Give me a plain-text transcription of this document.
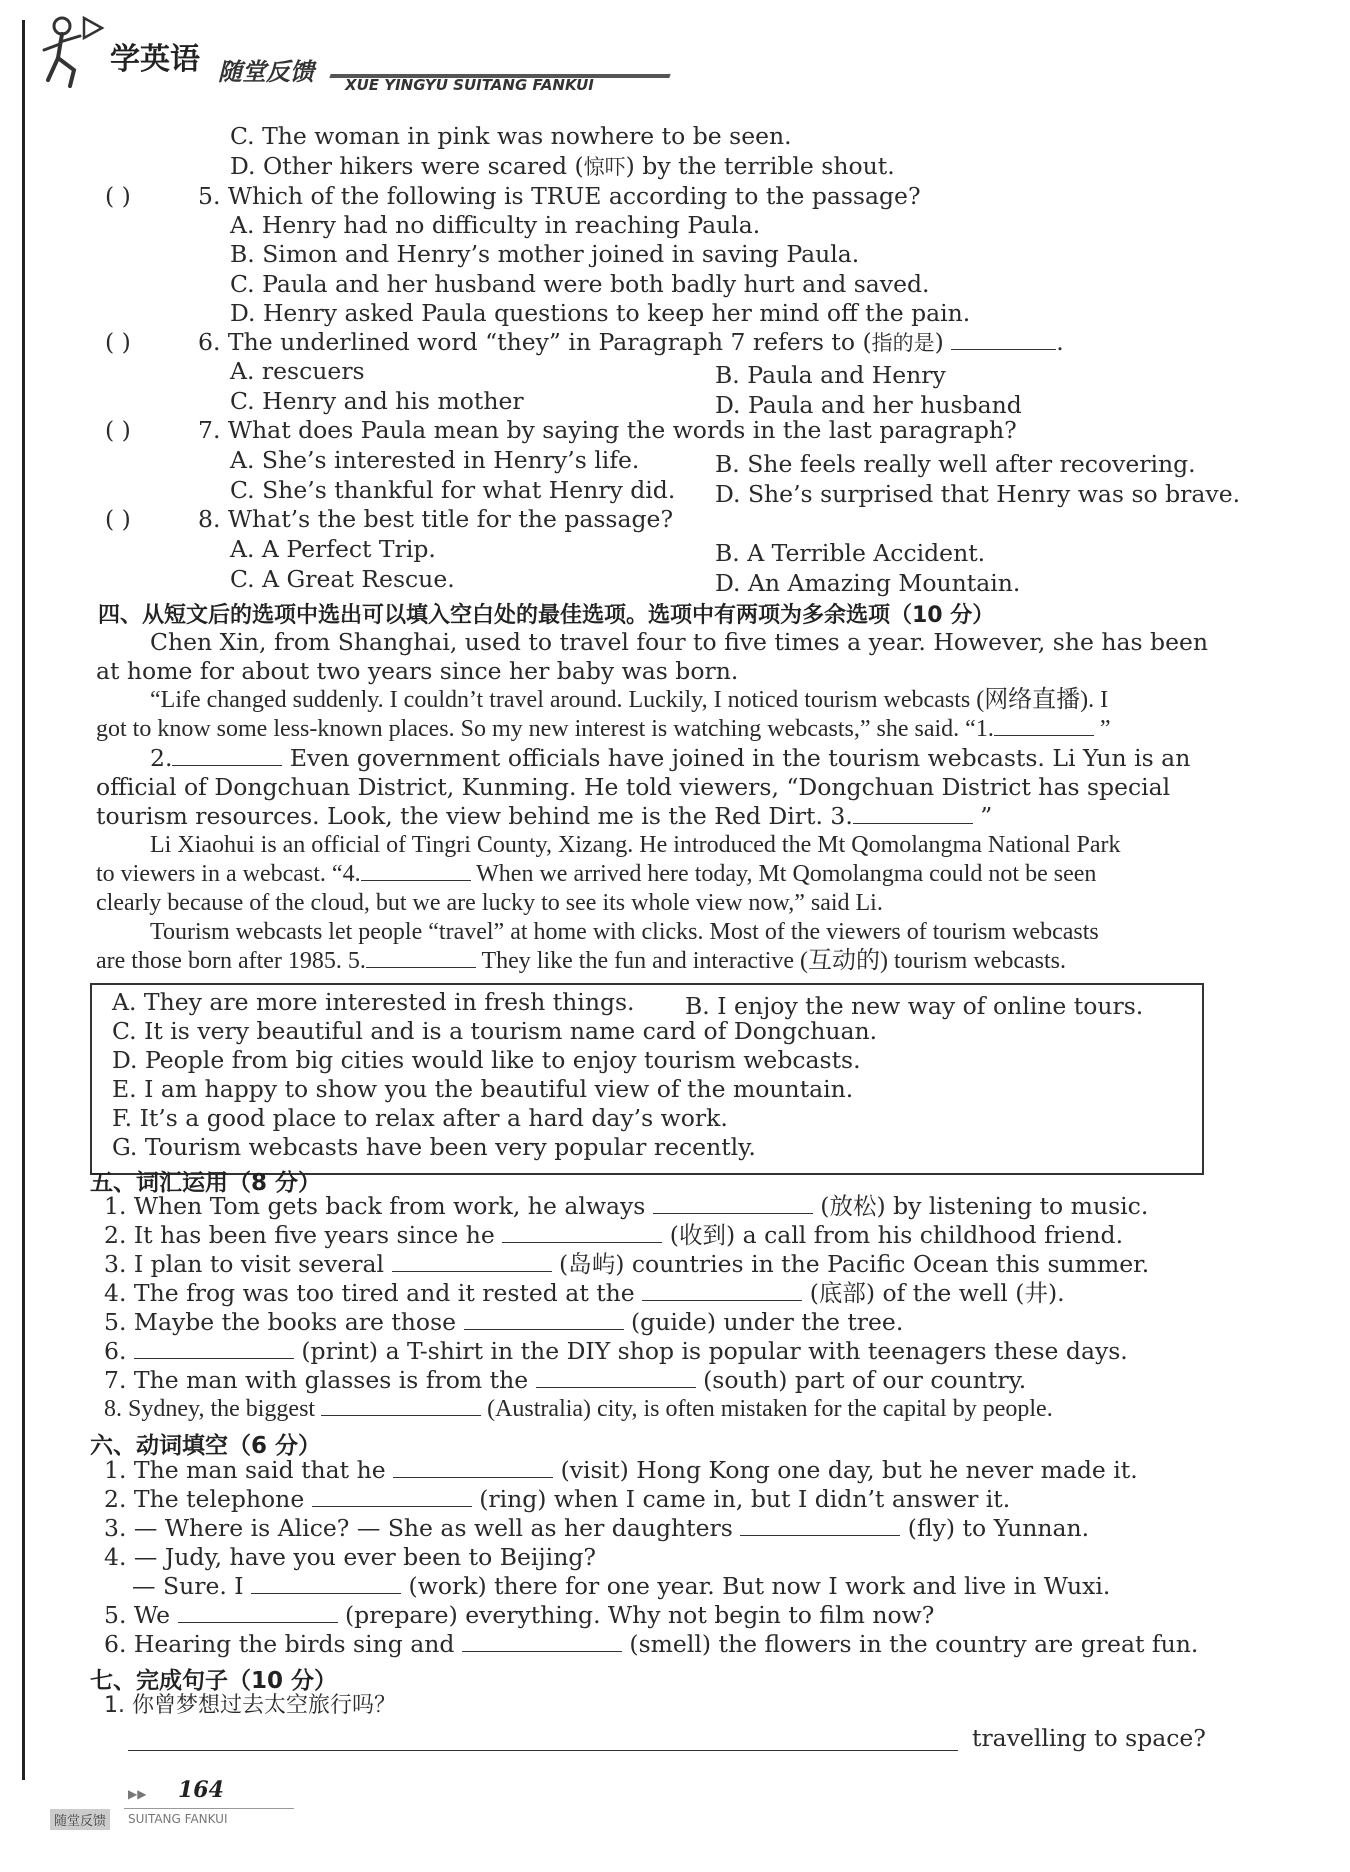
学英语 随堂反馈 XUE YINGYU SUITANG FANKUI
C. The woman in pink was nowhere to be seen.
D. Other hikers were scared (惊吓) by the terrible shout.
( )	5. Which of the following is TRUE according to the passage?
A. Henry had no difficulty in reaching Paula.
B. Simon and Henry’s mother joined in saving Paula.
C. Paula and her husband were both badly hurt and saved.
D. Henry asked Paula questions to keep her mind off the pain.
( )	6. The underlined word “they” in Paragraph 7 refers to (指的是)	.
A. rescuers	B. Paula and Henry
C. Henry and his mother	D. Paula and her husband
( )	7. What does Paula mean by saying the words in the last paragraph?
A. She’s interested in Henry’s life.	B. She feels really well after recovering.
C. She’s thankful for what Henry did. D. She’s surprised that Henry was so brave.
( )	8. What’s the best title for the passage?
A. A Perfect Trip.	B. A Terrible Accident.
C. A Great Rescue.	D. An Amazing Mountain.
四、从短文后的选项中选出可以填入空白处的最佳选项。选项中有两项为多余选项（10 分）
Chen Xin, from Shanghai, used to travel four to five times a year. However, she has been
at home for about two years since her baby was born.
“Life changed suddenly. I couldn’t travel around. Luckily, I noticed tourism webcasts (网络直播). I
got to know some less-known places. So my new interest is watching webcasts,” she said. “1.	”
2.	Even government officials have joined in the tourism webcasts. Li Yun is an
official of Dongchuan District, Kunming. He told viewers, “Dongchuan District has special
tourism resources. Look, the view behind me is the Red Dirt. 3.	”
Li Xiaohui is an official of Tingri County, Xizang. He introduced the Mt Qomolangma National Park
to viewers in a webcast. “4.	When we arrived here today, Mt Qomolangma could not be seen
clearly because of the cloud, but we are lucky to see its whole view now,” said Li.
Tourism webcasts let people “travel” at home with clicks. Most of the viewers of tourism webcasts
are those born after 1985. 5.	They like the fun and interactive (互动的) tourism webcasts.
A. They are more interested in fresh things. B. I enjoy the new way of online tours.
C. It is very beautiful and is a tourism name card of Dongchuan.
D. People from big cities would like to enjoy tourism webcasts.
E. I am happy to show you the beautiful view of the mountain.
F. It’s a good place to relax after a hard day’s work.
G. Tourism webcasts have been very popular recently.
五、词汇运用（8 分）
1. When Tom gets back from work, he always	(放松) by listening to music.
2. It has been five years since he	(收到) a call from his childhood friend.
3. I plan to visit several	(岛屿) countries in the Pacific Ocean this summer.
4. The frog was too tired and it rested at the	(底部) of the well (井).
5. Maybe the books are those	(guide) under the tree.
6.	(print) a T-shirt in the DIY shop is popular with teenagers these days.
7. The man with glasses is from the	(south) part of our country.
8. Sydney, the biggest	(Australia) city, is often mistaken for the capital by people.
六、动词填空（6 分）
1. The man said that he	(visit) Hong Kong one day, but he never made it.
2. The telephone	(ring) when I came in, but I didn’t answer it.
3. — Where is Alice? — She as well as her daughters	(fly) to Yunnan.
4. — Judy, have you ever been to Beijing?
— Sure. I	(work) there for one year. But now I work and live in Wuxi.
5. We	(prepare) everything. Why not begin to film now?
6. Hearing the birds sing and	(smell) the flowers in the country are great fun.
七、完成句子（10 分）
1. 你曾梦想过去太空旅行吗？
travelling to space?
▶▶ 164
随堂反馈	SUITANG FANKUI
